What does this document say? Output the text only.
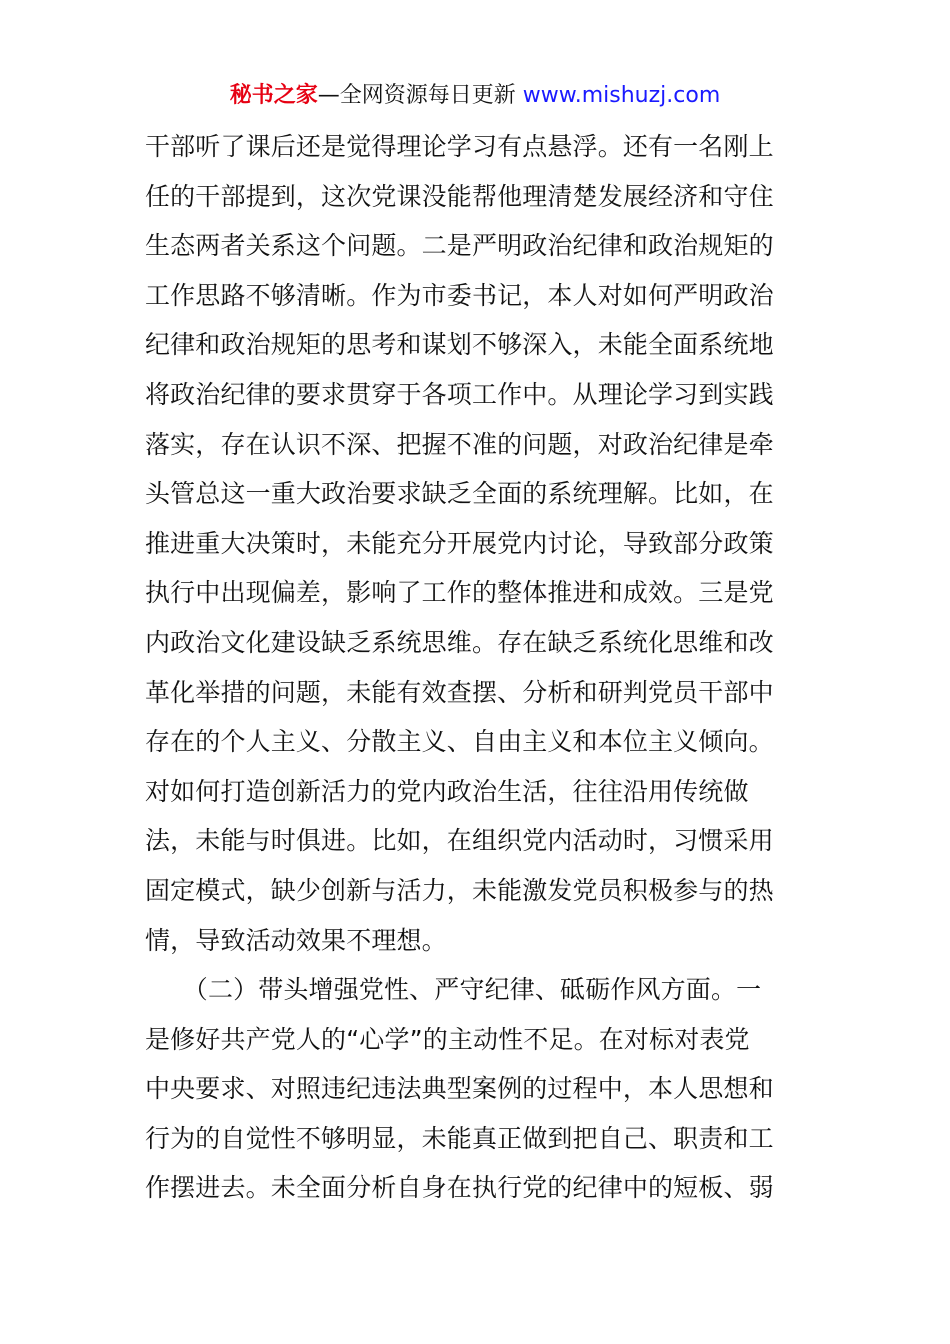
秘书之家—全网资源每日更新 www.mishuzj.com
干部听了课后还是觉得理论学习有点悬浮。还有一名刚上
任的干部提到，这次党课没能帮他理清楚发展经济和守住
生态两者关系这个问题。二是严明政治纪律和政治规矩的
工作思路不够清晰。作为市委书记，本人对如何严明政治
纪律和政治规矩的思考和谋划不够深入，未能全面系统地
将政治纪律的要求贯穿于各项工作中。从理论学习到实践
落实，存在认识不深、把握不准的问题，对政治纪律是牵
头管总这一重大政治要求缺乏全面的系统理解。比如，在
推进重大决策时，未能充分开展党内讨论，导致部分政策
执行中出现偏差，影响了工作的整体推进和成效。三是党
内政治文化建设缺乏系统思维。存在缺乏系统化思维和改
革化举措的问题，未能有效查摆、分析和研判党员干部中
存在的个人主义、分散主义、自由主义和本位主义倾向。
对如何打造创新活力的党内政治生活，往往沿用传统做
法，未能与时俱进。比如，在组织党内活动时，习惯采用
固定模式，缺少创新与活力，未能激发党员积极参与的热
情，导致活动效果不理想。
　　（二）带头增强党性、严守纪律、砥砺作风方面。一
是修好共产党人的“心学”的主动性不足。在对标对表党
中央要求、对照违纪违法典型案例的过程中，本人思想和
行为的自觉性不够明显，未能真正做到把自己、职责和工
作摆进去。未全面分析自身在执行党的纪律中的短板、弱
